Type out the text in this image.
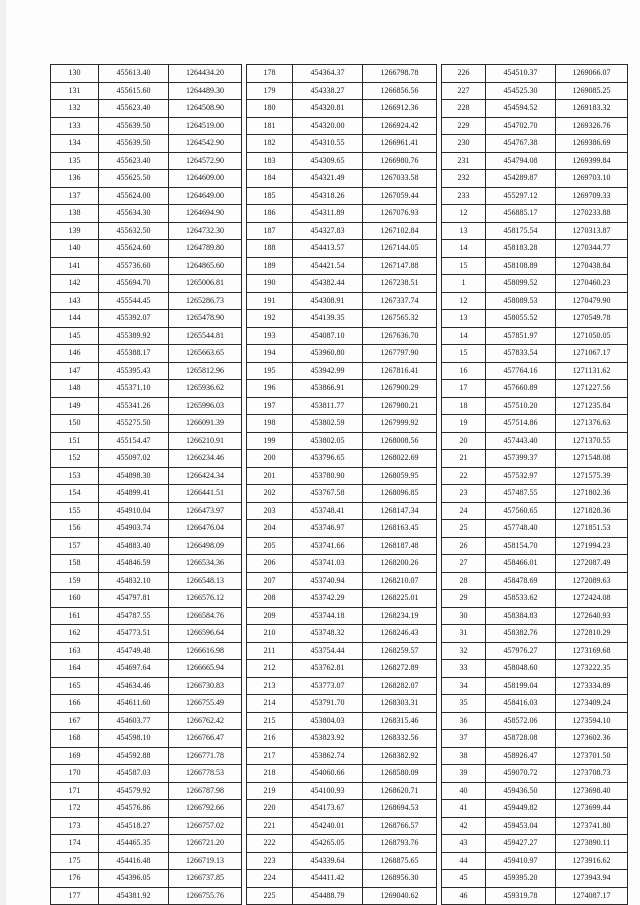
130	455613.40	1264434.20
131	455615.60	1264489.30
132	455623.40	1264508.90
133	455639.50	1264519.00
134	455639.50	1264542.90
135	455623.40	1264572.90
136	455625.50	1264609.00
137	455624.00	1264649.00
138	455634.30	1264694.90
139	455632.50	1264732.30
140	455624.60	1264789.80
141	455736.60	1264865.60
142	455694.70	1265006.81
143	455544.45	1265286.73
144	455392.07	1265478.90
145	455389.92	1265544.81
146	455388.17	1265663.65
147	455395.43	1265812.96
148	455371.10	1265936.62
149	455341.26	1265996.03
150	455275.50	1266091.39
151	455154.47	1266210.91
152	455097.02	1266234.46
153	454898.30	1266424.34
154	454899.41	1266441.51
155	454910.04	1266473.97
156	454903.74	1266476.04
157	454883.40	1266498.09
158	454846.59	1266534.36
159	454832.10	1266548.13
160	454797.81	1266576.12
161	454787.55	1266584.76
162	454773.51	1266596.64
163	454749.48	1266616.98
164	454697.64	1266665.94
165	454634.46	1266730.83
166	454611.60	1266755.49
167	454603.77	1266762.42
168	454598.10	1266766.47
169	454592.88	1266771.78
170	454587.03	1266778.53
171	454579.92	1266787.98
172	454576.86	1266792.66
173	454518.27	1266757.02
174	454465.35	1266721.20
175	454416.48	1266719.13
176	454396.05	1266737.85
177	454381.92	1266755.76
178	454364.37	1266798.78
179	454338.27	1266856.56
180	454320.81	1266912.36
181	454320.00	1266924.42
182	454310.55	1266961.41
183	454309.65	1266980.76
184	454321.49	1267033.58
185	454318.26	1267059.44
186	454311.89	1267076.93
187	454327.83	1267102.84
188	454413.57	1267144.05
189	454421.54	1267147.88
190	454382.44	1267238.51
191	454308.91	1267337.74
192	454139.35	1267565.32
193	454087.10	1267636.70
194	453960.80	1267797.90
195	453942.99	1267816.41
196	453866.91	1267900.29
197	453811.77	1267980.21
198	453802.59	1267999.92
199	453802.05	1268008.56
200	453796.65	1268022.69
201	453780.90	1268059.95
202	453767.58	1268096.85
203	453748.41	1268147.34
204	453746.97	1268163.45
205	453741.66	1268187.48
206	453741.03	1268200.26
207	453740.94	1268210.07
208	453742.29	1268225.01
209	453744.18	1268234.19
210	453748.32	1268246.43
211	453754.44	1268259.57
212	453762.81	1268272.89
213	453773.07	1268282.07
214	453791.70	1268303.31
215	453804.03	1268315.46
216	453823.92	1268332.56
217	453862.74	1268382.92
218	454060.66	1268580.09
219	454100.93	1268620.71
220	454173.67	1268694.53
221	454240.01	1268766.57
222	454265.05	1268793.76
223	454339.64	1268875.65
224	454411.42	1268956.30
225	454488.79	1269040.62
226	454510.37	1269066.07
227	454525.30	1269085.25
228	454594.52	1269183.32
229	454702.70	1269326.76
230	454767.38	1269386.69
231	454794.08	1269399.84
232	454289.87	1269703.10
233	455297.12	1269709.33
12	456885.17	1270233.88
13	458175.54	1270313.87
14	458183.28	1270344.77
15	458108.89	1270438.84
1	458099.52	1270460.23
12	458089.53	1270479.90
13	458055.52	1270549.78
14	457851.97	1271050.05
15	457833.54	1271067.17
16	457764.16	1271131.62
17	457660.89	1271227.56
18	457510.20	1271235.84
19	457514.86	1271376.63
20	457443.40	1271370.55
21	457399.37	1271548.08
22	457532.97	1271575.39
23	457487.55	1271802.36
24	457560.65	1271828.36
25	457748.40	1271851.53
26	458154.70	1271994.23
27	458466.01	1272087.49
28	458478.69	1272089.63
29	458533.62	1272424.08
30	458384.83	1272640.93
31	458382.76	1272810.29
32	457976.27	1273169.68
33	458048.60	1273222.35
34	458199.04	1273334.89
35	458416.03	1273409.24
36	458572.06	1273594.10
37	458728.08	1273602.36
38	458926.47	1273701.50
39	459070.72	1273708.73
40	459436.50	1273698.40
41	459449.82	1273699.44
42	459453.04	1273741.80
43	459427.27	1273890.11
44	459410.97	1273916.62
45	459395.20	1273943.94
46	459319.78	1274087.17
